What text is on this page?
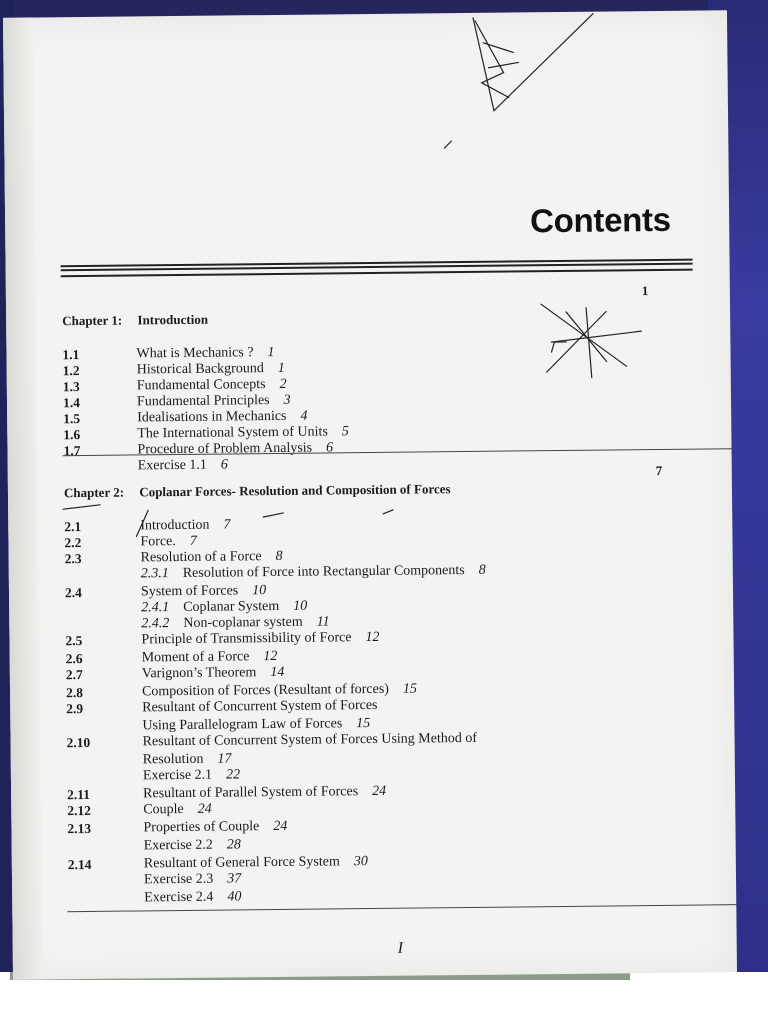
Contents
Chapter 1: Introduction
1
1.1	What is Mechanics ? 1
1.2	Historical Background 1
1.3	Fundamental Concepts 2
1.4	Fundamental Principles 3
1.5	Idealisations in Mechanics 4
1.6	The International System of Units 5
1.7	Procedure of Problem Analysis 6
Exercise 1.1 6
Chapter 2: Coplanar Forces- Resolution and Composition of Forces
7
2.1	Introduction 7
2.2	Force. 7
2.3	Resolution of a Force 8
2.3.1 Resolution of Force into Rectangular Components 8
2.4	System of Forces 10
2.4.1 Coplanar System 10
2.4.2 Non-coplanar system 11
2.5	Principle of Transmissibility of Force 12
2.6	Moment of a Force 12
2.7	Varignon’s Theorem 14
2.8	Composition of Forces (Resultant of forces) 15
2.9	Resultant of Concurrent System of Forces
Using Parallelogram Law of Forces 15
2.10	Resultant of Concurrent System of Forces Using Method of
Resolution 17
Exercise 2.1 22
2.11	Resultant of Parallel System of Forces 24
2.12	Couple 24
2.13	Properties of Couple 24
Exercise 2.2 28
2.14	Resultant of General Force System 30
Exercise 2.3 37
Exercise 2.4 40
I
